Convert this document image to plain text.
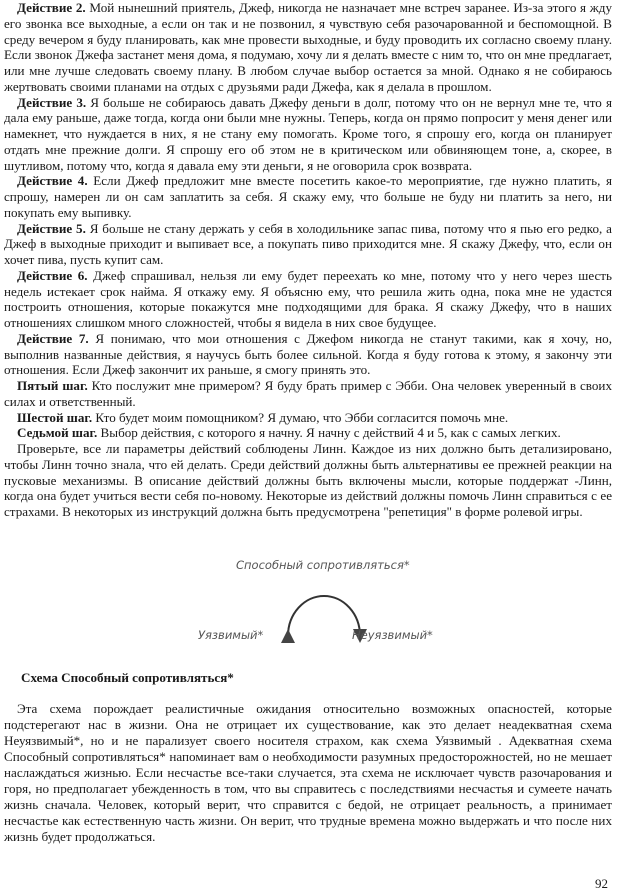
Действие 2. Мой нынешний приятель, Джеф, никогда не назначает мне встреч заранее. Из-за этого я жду его звонка все выходные, а если он так и не позвонил, я чувствую себя разочарованной и беспомощной. В среду вечером я буду планировать, как мне провести выходные, и буду проводить их согласно своему плану. Если звонок Джефа застанет меня дома, я подумаю, хочу ли я делать вместе с ним то, что он мне предлагает, или мне лучше следовать своему плану. В любом случае выбор остается за мной. Однако я не собираюсь жертвовать своими планами на отдых с друзьями ради Джефа, как я делала в прошлом.

Действие 3. Я больше не собираюсь давать Джефу деньги в долг, потому что он не вернул мне те, что я дала ему раньше, даже тогда, когда они были мне нужны. Теперь, когда он прямо попросит у меня денег или намекнет, что нуждается в них, я не стану ему помогать. Кроме того, я спрошу его, когда он планирует отдать мне прежние долги. Я спрошу его об этом не в критическом или обвиняющем тоне, а, скорее, в шутливом, потому что, когда я давала ему эти деньги, я не оговорила срок возврата.

Действие 4. Если Джеф предложит мне вместе посетить какое-то мероприятие, где нужно платить, я спрошу, намерен ли он сам заплатить за себя. Я скажу ему, что больше не буду ни платить за него, ни покупать ему выпивку.

Действие 5. Я больше не стану держать у себя в холодильнике запас пива, потому что я пью его редко, а Джеф в выходные приходит и выпивает все, а покупать пиво приходится мне. Я скажу Джефу, что, если он хочет пива, пусть купит сам.

Действие 6. Джеф спрашивал, нельзя ли ему будет переехать ко мне, потому что у него через шесть недель истекает срок найма. Я откажу ему. Я объясню ему, что решила жить одна, пока мне не удастся построить отношения, которые покажутся мне подходящими для брака. Я скажу Джефу, что в наших отношениях слишком много сложностей, чтобы я видела в них свое будущее.

Действие 7. Я понимаю, что мои отношения с Джефом никогда не станут такими, как я хочу, но, выполнив названные действия, я научусь быть более сильной. Когда я буду готова к этому, я закончу эти отношения. Если Джеф закончит их раньше, я смогу принять это.

Пятый шаг. Кто послужит мне примером? Я буду брать пример с Эбби. Она человек уверенный в своих силах и ответственный.

Шестой шаг. Кто будет моим помощником? Я думаю, что Эбби согласится помочь мне.

Седьмой шаг. Выбор действия, с которого я начну. Я начну с действий 4 и 5, как с самых легких.

Проверьте, все ли параметры действий соблюдены Линн. Каждое из них должно быть детализировано, чтобы Линн точно знала, что ей делать. Среди действий должны быть альтернативы ее прежней реакции на пусковые механизмы. В описание действий должны быть включены мысли, которые поддержат -Линн, когда она будет учиться вести себя по-новому. Некоторые из действий должны помочь Линн справиться с ее страхами. В некоторых из инструкций должна быть предусмотрена "репетиция" в форме ролевой игры.

Способный сопротивляться*
Уязвимый*	Неуязвимый*
Схема Способный сопротивляться*

Эта схема порождает реалистичные ожидания относительно возможных опасностей, которые подстерегают нас в жизни. Она не отрицает их существование, как это делает неадекватная схема Неуязвимый*, но и не парализует своего носителя страхом, как схема Уязвимый . Адекватная схема Способный сопротивляться* напоминает вам о необходимости разумных предосторожностей, но не мешает наслаждаться жизнью. Если несчастье все-таки случается, эта схема не исключает чувств разочарования и горя, но предполагает убежденность в том, что вы справитесь с последствиями несчастья и сумеете начать жизнь сначала. Человек, который верит, что справится с бедой, не отрицает реальность, а принимает несчастье как естественную часть жизни. Он верит, что трудные времена можно выдержать и что после них жизнь будет продолжаться.

92
